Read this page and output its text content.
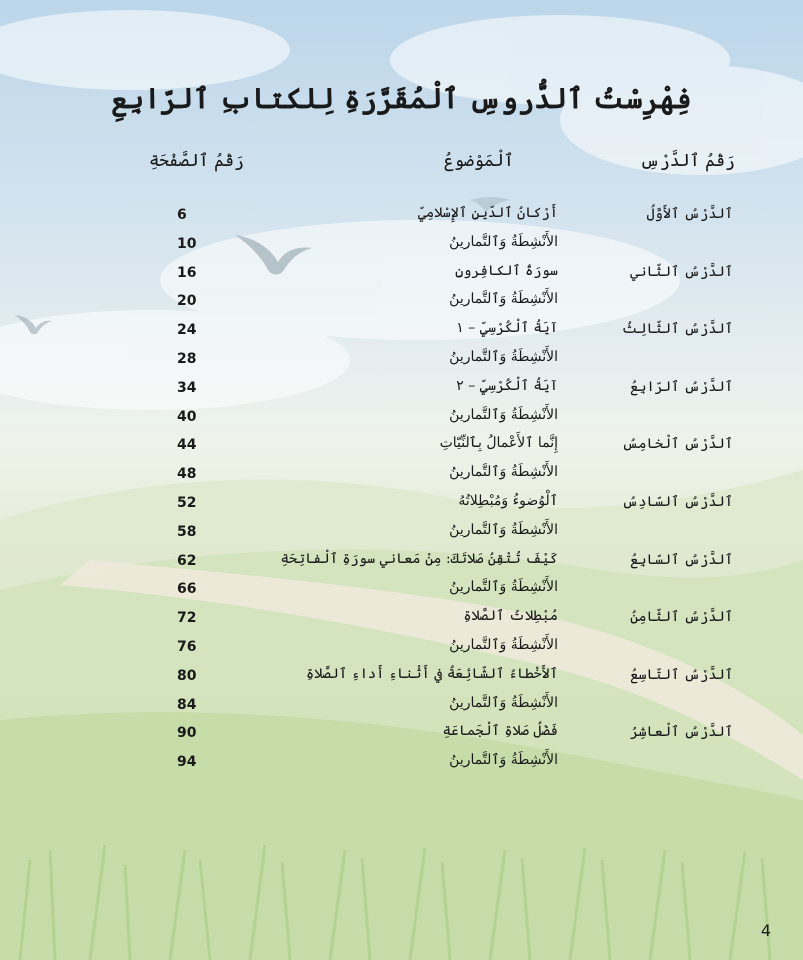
فِهْرِسْتُ ٱلدُّروسِ ٱلْمُقَرَّرَةِ لِلكتابِ ٱلرّابِعِ
رَقْمُ ٱلدَّرْسِ
ٱلْمَوْضوعُ
رَقْمُ ٱلصَّفْحَةِ
ٱلدَّرْسُ ٱلأَوَّلُ
أَرْكانُ ٱلدّينِ ٱلإِسْلامِيِّ
6
الأَنْشِطَةُ وَٱلتَّمارينُ
10
ٱلدَّرْسُ ٱلثّاني
سورَةُ ٱلكافِرونِ
16
الأَنْشِطَةُ وَٱلتَّمارينُ
20
ٱلدَّرْسُ ٱلثّالِثُ
آيَةُ ٱلْكُرْسِيِّ – ١
24
الأَنْشِطَةُ وَٱلتَّمارينُ
28
ٱلدَّرْسُ ٱلرّابِعُ
آيَةُ ٱلْكُرْسِيِّ – ٢
34
الأَنْشِطَةُ وَٱلتَّمارينُ
40
ٱلدَّرْسُ ٱلْخامِسُ
إِنَّما ٱلأَعْمالُ بِٱلنِّيّاتِ
44
الأَنْشِطَةُ وَٱلتَّمارينُ
48
ٱلدَّرْسُ ٱلسّادِسُ
ٱلْوُضوءُ وَمُبْطِلاتُهُ
52
الأَنْشِطَةُ وَٱلتَّمارينُ
58
ٱلدَّرْسُ ٱلسّابِعُ
كَيْفَ تُتْقِنُ صَلاتَكَ: مِنْ مَعاني سورَةِ ٱلْفاتِحَةِ
62
الأَنْشِطَةُ وَٱلتَّمارينُ
66
ٱلدَّرْسُ ٱلثّامِنُ
مُبْطِلاتُ ٱلصَّلاةِ
72
الأَنْشِطَةُ وَٱلتَّمارينُ
76
ٱلدَّرْسُ ٱلتّاسِعُ
ٱلأَخْطاءُ ٱلشّائِعَةُ في أَثْناءِ أَداءِ ٱلصَّلاةِ
80
الأَنْشِطَةُ وَٱلتَّمارينُ
84
ٱلدَّرْسُ ٱلْعاشِرُ
فَضْلُ صَلاةِ ٱلْجَماعَةِ
90
الأَنْشِطَةُ وَٱلتَّمارينُ
94
4
